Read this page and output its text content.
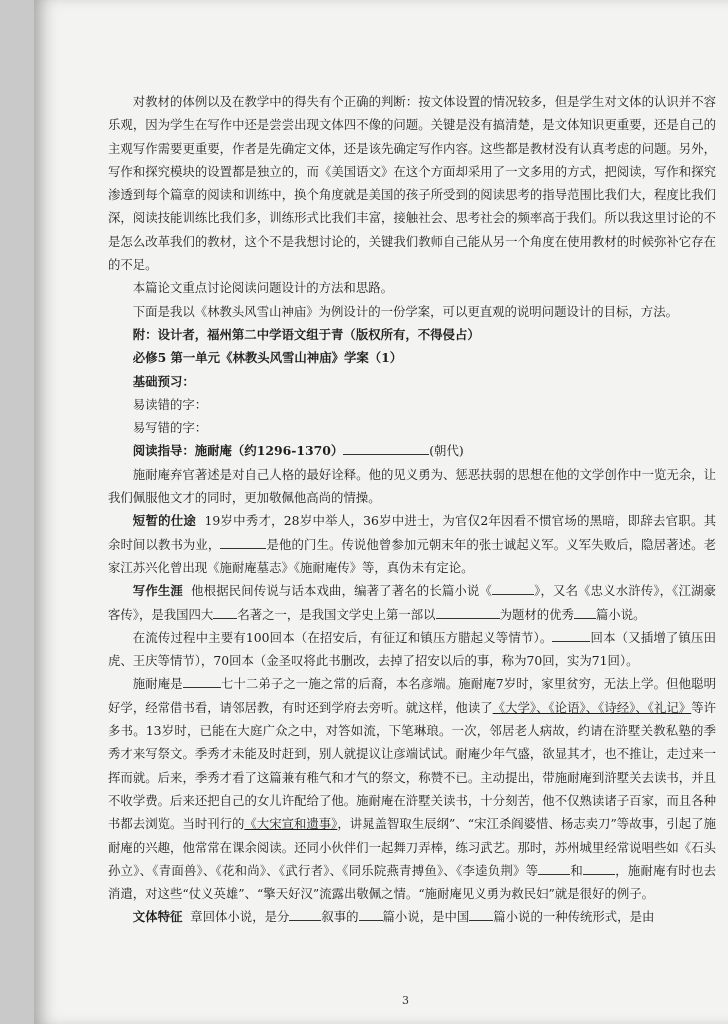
对教材的体例以及在教学中的得失有个正确的判断：按文体设置的情况较多，但是学生对文体的认识并不容乐观，因为学生在写作中还是尝尝出现文体四不像的问题。关键是没有搞清楚，是文体知识更重要，还是自己的主观写作需要更重要，作者是先确定文体，还是该先确定写作内容。这些都是教材没有认真考虑的问题。另外，写作和探究模块的设置都是独立的，而《美国语文》在这个方面却采用了一文多用的方式，把阅读，写作和探究渗透到每个篇章的阅读和训练中，换个角度就是美国的孩子所受到的阅读思考的指导范围比我们大，程度比我们深，阅读技能训练比我们多，训练形式比我们丰富，接触社会、思考社会的频率高于我们。所以我这里讨论的不是怎么改革我们的教材，这个不是我想讨论的，关键我们教师自己能从另一个角度在使用教材的时候弥补它存在的不足。

本篇论文重点讨论阅读问题设计的方法和思路。

下面是我以《林教头风雪山神庙》为例设计的一份学案，可以更直观的说明问题设计的目标，方法。

附：设计者，福州第二中学语文组于青（版权所有，不得侵占）

必修5 第一单元《林教头风雪山神庙》学案（1）

基础预习：

易读错的字：

易写错的字：

阅读指导：施耐庵（约1296-1370）	(朝代)

施耐庵弃官著述是对自己人格的最好诠释。他的见义勇为、惩恶扶弱的思想在他的文学创作中一览无余，让我们佩服他文才的同时，更加敬佩他高尚的情操。

短暂的仕途 19岁中秀才，28岁中举人，36岁中进士，为官仅2年因看不惯官场的黑暗，即辞去官职。其余时间以教书为业，	是他的门生。传说他曾参加元朝末年的张士诚起义军。义军失败后，隐居著述。老家江苏兴化曾出现《施耐庵墓志》《施耐庵传》等，真伪未有定论。

写作生涯 他根据民间传说与话本戏曲，编著了著名的长篇小说《	》，又名《忠义水浒传》，《江湖豪客传》，是我国四大 名著之一，是我国文学史上第一部以	为题材的优秀 篇小说。

在流传过程中主要有100回本（在招安后，有征辽和镇压方腊起义等情节）。	回本（又插增了镇压田虎、王庆等情节），70回本（金圣叹将此书删改，去掉了招安以后的事，称为70回，实为71回）。

施耐庵是	七十二弟子之一施之常的后裔，本名彦端。施耐庵7岁时，家里贫穷，无法上学。但他聪明好学，经常借书看，请邻居教，有时还到学府去旁听。就这样，他读了《大学》、《论语》、《诗经》、《礼记》等许多书。13岁时，已能在大庭广众之中，对答如流，下笔琳琅。一次，邻居老人病故，约请在浒墅关教私塾的季秀才来写祭文。季秀才未能及时赶到，别人就提议让彦端试试。耐庵少年气盛，欲显其才，也不推让，走过来一挥而就。后来，季秀才看了这篇兼有稚气和才气的祭文，称赞不已。主动提出，带施耐庵到浒墅关去读书，并且不收学费。后来还把自己的女儿许配给了他。施耐庵在浒墅关读书，十分刻苦，他不仅熟读诸子百家，而且各种书都去浏览。当时刊行的《大宋宣和遗事》，讲晁盖智取生辰纲”、“宋江杀阎婆惜、杨志卖刀”等故事，引起了施耐庵的兴趣，他常常在课余阅读。还同小伙伴们一起舞刀弄棒，练习武艺。那时，苏州城里经常说唱些如《石头孙立》、《青面兽》、《花和尚》、《武行者》、《同乐院燕青搏鱼》、《李逵负荆》等	和	，施耐庵有时也去消遣，对这些“仗义英雄”、“擎天好汉”流露出敬佩之情。“施耐庵见义勇为救民妇”就是很好的例子。

文体特征 章回体小说，是分	叙事的 篇小说，是中国 篇小说的一种传统形式，是由

3
